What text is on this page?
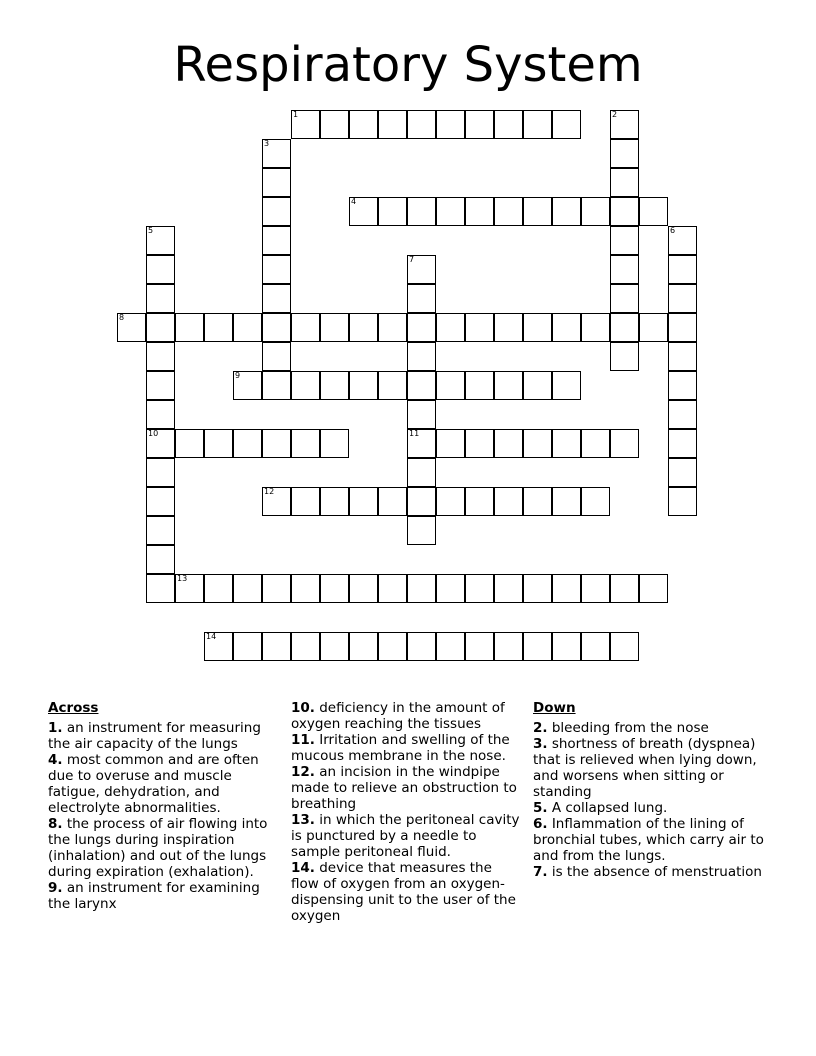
Respiratory System
1	2
3
4
5
10
6
7
11
8
9
12
13
14
Across
1. an instrument for measuring the air capacity of the lungs
4. most common and are often due to overuse and muscle fatigue, dehydration, and electrolyte abnormalities.
8. the process of air flowing into the lungs during inspiration (inhalation) and out of the lungs during expiration (exhalation).
9. an instrument for examining the larynx
10. deficiency in the amount of oxygen reaching the tissues
11. Irritation and swelling of the mucous membrane in the nose.
12. an incision in the windpipe made to relieve an obstruction to breathing
13. in which the peritoneal cavity is punctured by a needle to sample peritoneal fluid.
14. device that measures the flow of oxygen from an oxygen-dispensing unit to the user of the oxygen
Down
2. bleeding from the nose
3. shortness of breath (dyspnea) that is relieved when lying down, and worsens when sitting or standing
5. A collapsed lung.
6. Inflammation of the lining of bronchial tubes, which carry air to and from the lungs.
7. is the absence of menstruation
